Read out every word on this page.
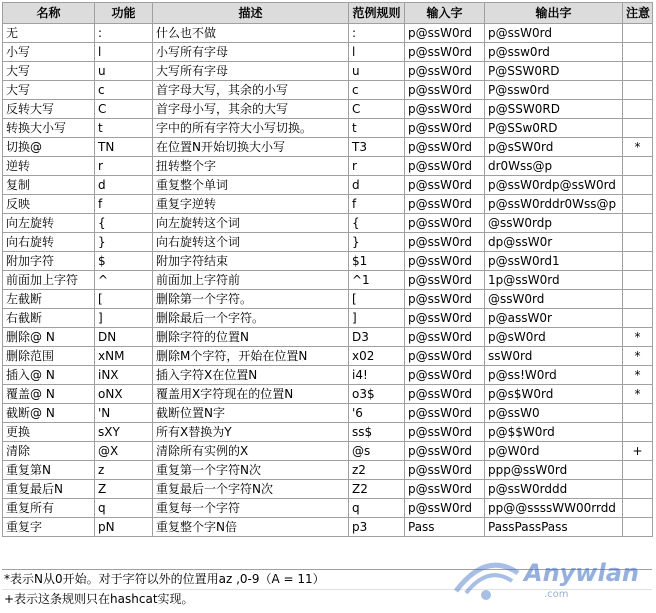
名称	功能	描述	范例规则	输入字	输出字	注意
无	:	什么也不做	:	p@ssW0rd	p@ssW0rd	
小写	l	小写所有字母	l	p@ssW0rd	p@ssw0rd	
大写	u	大写所有字母	u	p@ssW0rd	P@SSW0RD	
大写	c	首字母大写，其余的小写	c	p@ssW0rd	P@ssw0rd	
反转大写	C	首字母小写，其余的大写	C	p@ssW0rd	p@SSW0RD	
转换大小写	t	字中的所有字符大小写切换。	t	p@ssW0rd	P@SSw0RD	
切换@	TN	在位置N开始切换大小写	T3	p@ssW0rd	p@sSW0rd	*
逆转	r	扭转整个字	r	p@ssW0rd	dr0Wss@p	
复制	d	重复整个单词	d	p@ssW0rd	p@ssW0rdp@ssW0rd	
反映	f	重复字逆转	f	p@ssW0rd	p@ssW0rddr0Wss@p	
向左旋转	{	向左旋转这个词	{	p@ssW0rd	@ssW0rdp	
向右旋转	}	向右旋转这个词	}	p@ssW0rd	dp@ssW0r	
附加字符	$	附加字符结束	$1	p@ssW0rd	p@ssW0rd1	
前面加上字符	^	前面加上字符前	^1	p@ssW0rd	1p@ssW0rd	
左截断	[	删除第一个字符。	[	p@ssW0rd	@ssW0rd	
右截断	]	删除最后一个字符。	]	p@ssW0rd	p@assW0r	
删除@ N	DN	删除字符的位置N	D3	p@ssW0rd	p@sW0rd	*
删除范围	xNM	删除M个字符，开始在位置N	x02	p@ssW0rd	ssW0rd	*
插入@ N	iNX	插入字符X在位置N	i4!	p@ssW0rd	p@ss!W0rd	*
覆盖@ N	oNX	覆盖用X字符现在的位置N	o3$	p@ssW0rd	p@s$W0rd	*
截断@ N	'N	截断位置N字	'6	p@ssW0rd	p@ssW0	
更换	sXY	所有X替换为Y	ss$	p@ssW0rd	p@$$W0rd	
清除	@X	清除所有实例的X	@s	p@ssW0rd	p@W0rd	+
重复第N	z	重复第一个字符N次	z2	p@ssW0rd	ppp@ssW0rd	
重复最后N	Z	重复最后一个字符N次	Z2	p@ssW0rd	p@ssW0rddd	
重复所有	q	重复每一个字符	q	p@ssW0rd	pp@@ssssWW00rrdd	
重复字	pN	重复整个字N倍	p3	Pass	PassPassPass	
*表示N从0开始。对于字符以外的位置用az ,0-9（A = 11）
+表示这条规则只在hashcat实现。
Anywlan
.com
